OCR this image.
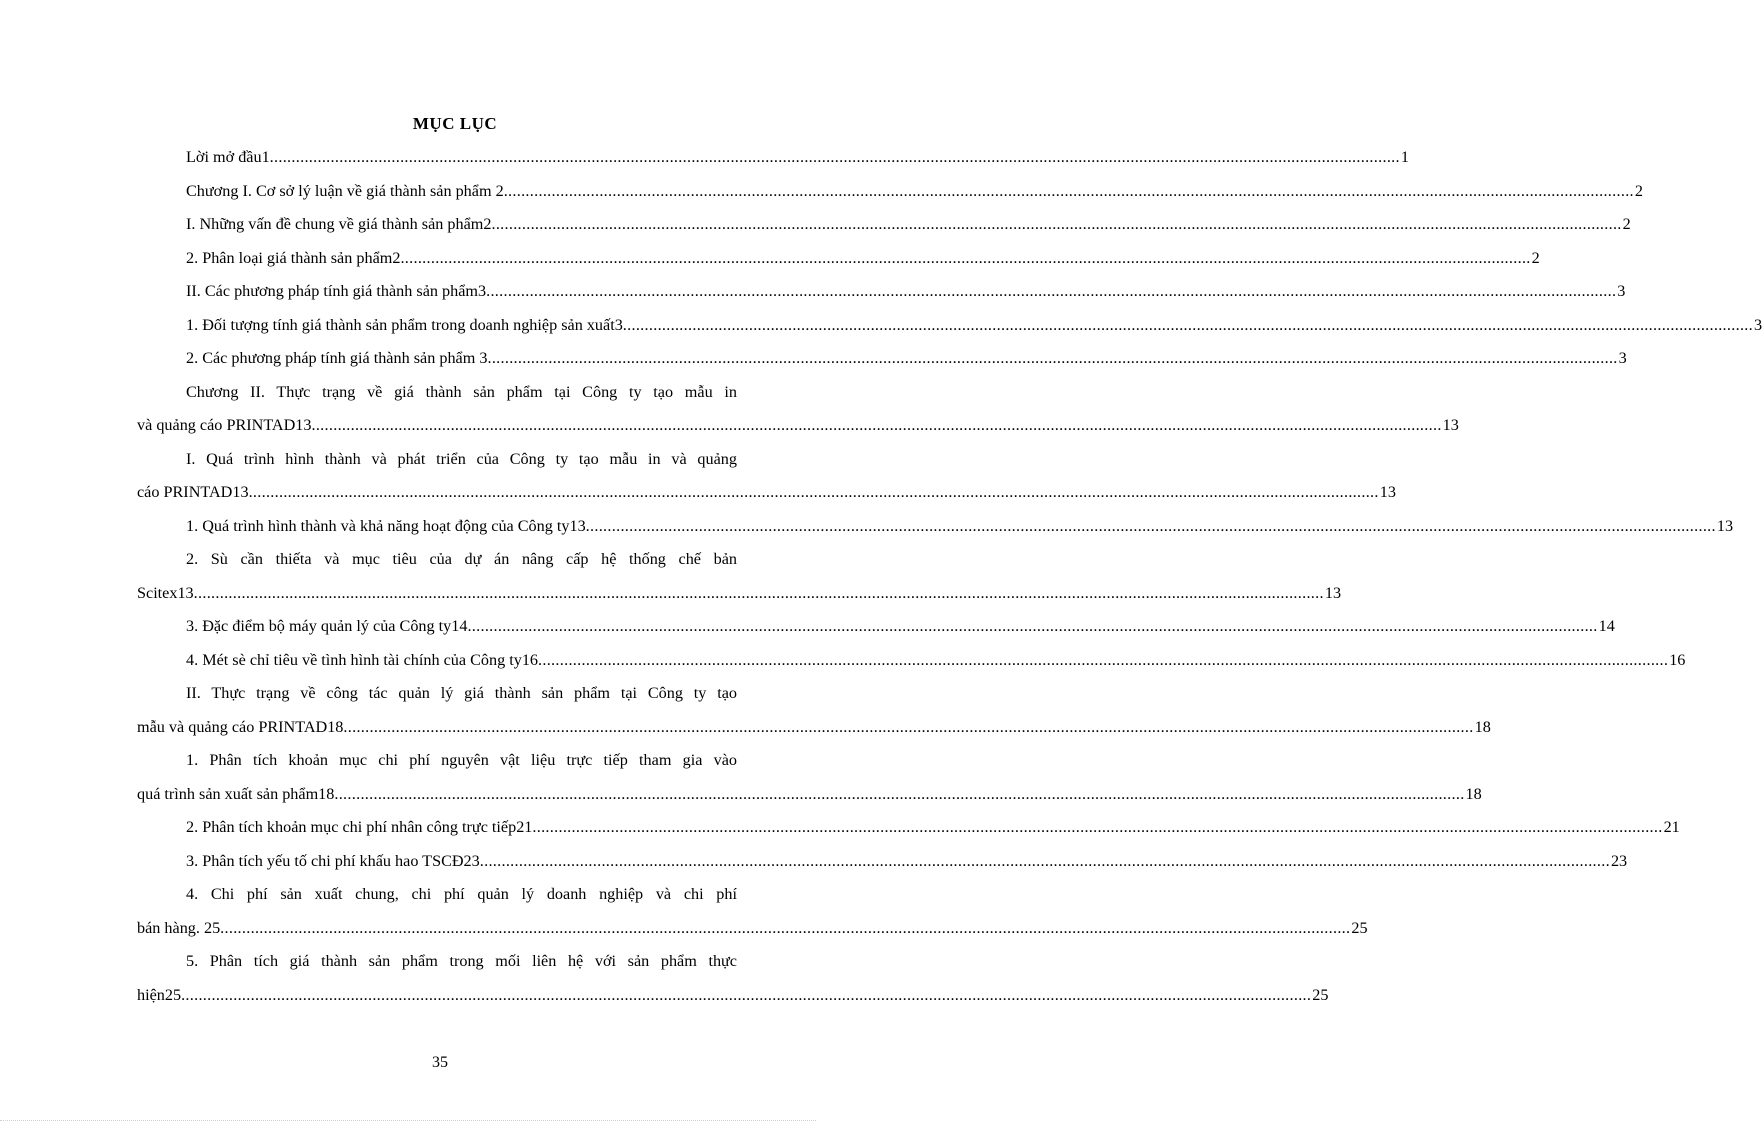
MỤC LỤC
Lời mở đầu1 .................................................................................................................................................................................................................................................................... 1
Chương I. Cơ sở lý luận về giá thành sản phẩm 2 .................................................................................................................................................................................................................................................................... 2
I. Những vấn đề chung về giá thành sản phẩm2 .................................................................................................................................................................................................................................................................... 2
2. Phân loại giá thành sản phẩm2 .................................................................................................................................................................................................................................................................... 2
II. Các phương pháp tính giá thành sản phẩm3 .................................................................................................................................................................................................................................................................... 3
1. Đối tượng tính giá thành sản phẩm trong doanh nghiệp sản xuất3 .................................................................................................................................................................................................................................................................... 3
2. Các phương pháp tính giá thành sản phẩm 3 .................................................................................................................................................................................................................................................................... 3
Chương II. Thực trạng về giá thành sản phẩm tại Công ty tạo mẫu in
và quảng cáo PRINTAD13 .................................................................................................................................................................................................................................................................... 13
I. Quá trình hình thành và phát triển của Công ty tạo mẫu in và quảng
cáo PRINTAD13 .................................................................................................................................................................................................................................................................... 13
1. Quá trình hình thành và khả năng hoạt động của Công ty13 .................................................................................................................................................................................................................................................................... 13
2. Sù cần thiếta và mục tiêu của dự án nâng cấp hệ thống chế bản
Scitex13 .................................................................................................................................................................................................................................................................... 13
3. Đặc điểm bộ máy quản lý của Công ty14 .................................................................................................................................................................................................................................................................... 14
4. Mét sè chỉ tiêu về tình hình tài chính của Công ty16 .................................................................................................................................................................................................................................................................... 16
II. Thực trạng về công tác quản lý giá thành sản phẩm tại Công ty tạo
mẫu và quảng cáo PRINTAD18 .................................................................................................................................................................................................................................................................... 18
1. Phân tích khoản mục chi phí nguyên vật liệu trực tiếp tham gia vào
quá trình sản xuất sản phẩm18 .................................................................................................................................................................................................................................................................... 18
2. Phân tích khoản mục chi phí nhân công trực tiếp21 .................................................................................................................................................................................................................................................................... 21
3. Phân tích yếu tố chi phí khấu hao TSCĐ23 .................................................................................................................................................................................................................................................................... 23
4. Chi phí sản xuất chung, chi phí quản lý doanh nghiệp và chi phí
bán hàng. 25 .................................................................................................................................................................................................................................................................... 25
5. Phân tích giá thành sản phẩm trong mối liên hệ với sản phẩm thực
hiện25 .................................................................................................................................................................................................................................................................... 25
35
